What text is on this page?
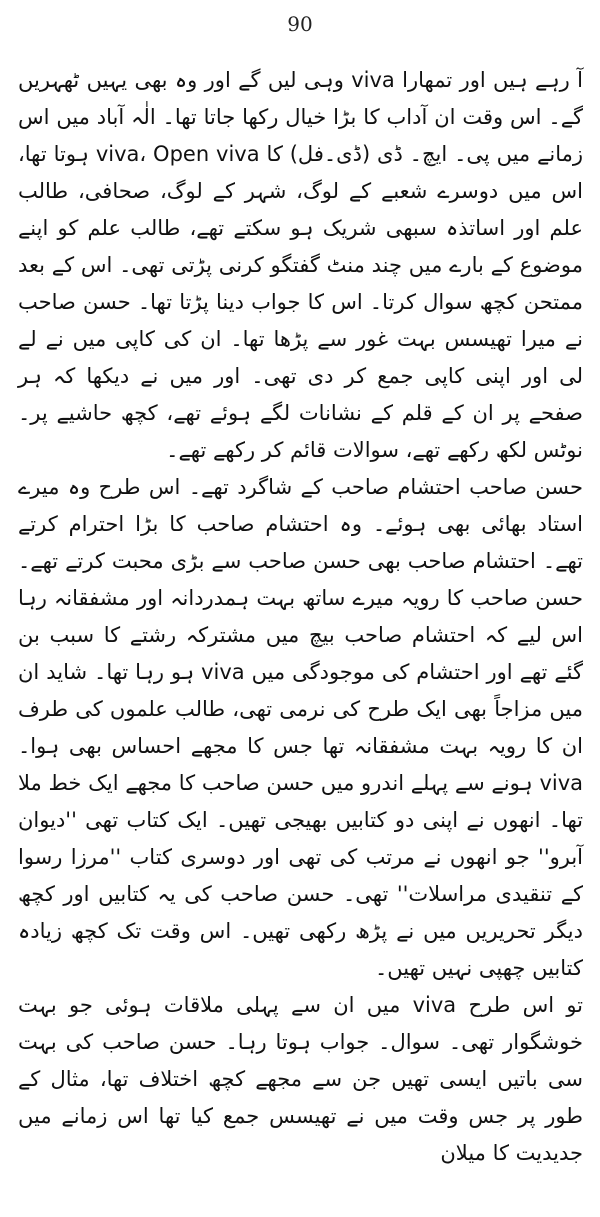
90

آ رہے ہیں اور تمھارا viva وہی لیں گے اور وہ بھی یہیں ٹھہریں گے۔ اس وقت ان آداب کا بڑا خیال رکھا جاتا تھا۔ الٰہ آباد میں اس زمانے میں پی۔ ایچ۔ ڈی (ڈی۔فل) کا viva، Open viva ہوتا تھا، اس میں دوسرے شعبے کے لوگ، شہر کے لوگ، صحافی، طالب علم اور اساتذہ سبھی شریک ہو سکتے تھے، طالب علم کو اپنے موضوع کے بارے میں چند منٹ گفتگو کرنی پڑتی تھی۔ اس کے بعد ممتحن کچھ سوال کرتا۔ اس کا جواب دینا پڑتا تھا۔ حسن صاحب نے میرا تھیسس بہت غور سے پڑھا تھا۔ ان کی کاپی میں نے لے لی اور اپنی کاپی جمع کر دی تھی۔ اور میں نے دیکھا کہ ہر صفحے پر ان کے قلم کے نشانات لگے ہوئے تھے، کچھ حاشیے پر۔ نوٹس لکھ رکھے تھے، سوالات قائم کر رکھے تھے۔

حسن صاحب احتشام صاحب کے شاگرد تھے۔ اس طرح وہ میرے استاد بھائی بھی ہوئے۔ وہ احتشام صاحب کا بڑا احترام کرتے تھے۔ احتشام صاحب بھی حسن صاحب سے بڑی محبت کرتے تھے۔ حسن صاحب کا رویہ میرے ساتھ بہت ہمدردانہ اور مشفقانہ رہا اس لیے کہ احتشام صاحب بیچ میں مشترکہ رشتے کا سبب بن گئے تھے اور احتشام کی موجودگی میں viva ہو رہا تھا۔ شاید ان میں مزاجاً بھی ایک طرح کی نرمی تھی، طالب علموں کی طرف ان کا رویہ بہت مشفقانہ تھا جس کا مجھے احساس بھی ہوا۔ viva ہونے سے پہلے اندرو میں حسن صاحب کا مجھے ایک خط ملا تھا۔ انھوں نے اپنی دو کتابیں بھیجی تھیں۔ ایک کتاب تھی ''دیوان آبرو'' جو انھوں نے مرتب کی تھی اور دوسری کتاب ''مرزا رسوا کے تنقیدی مراسلات'' تھی۔ حسن صاحب کی یہ کتابیں اور کچھ دیگر تحریریں میں نے پڑھ رکھی تھیں۔ اس وقت تک کچھ زیادہ کتابیں چھپی نہیں تھیں۔

تو اس طرح viva میں ان سے پہلی ملاقات ہوئی جو بہت خوشگوار تھی۔ سوال۔ جواب ہوتا رہا۔ حسن صاحب کی بہت سی باتیں ایسی تھیں جن سے مجھے کچھ اختلاف تھا، مثال کے طور پر جس وقت میں نے تھیسس جمع کیا تھا اس زمانے میں جدیدیت کا میلان
